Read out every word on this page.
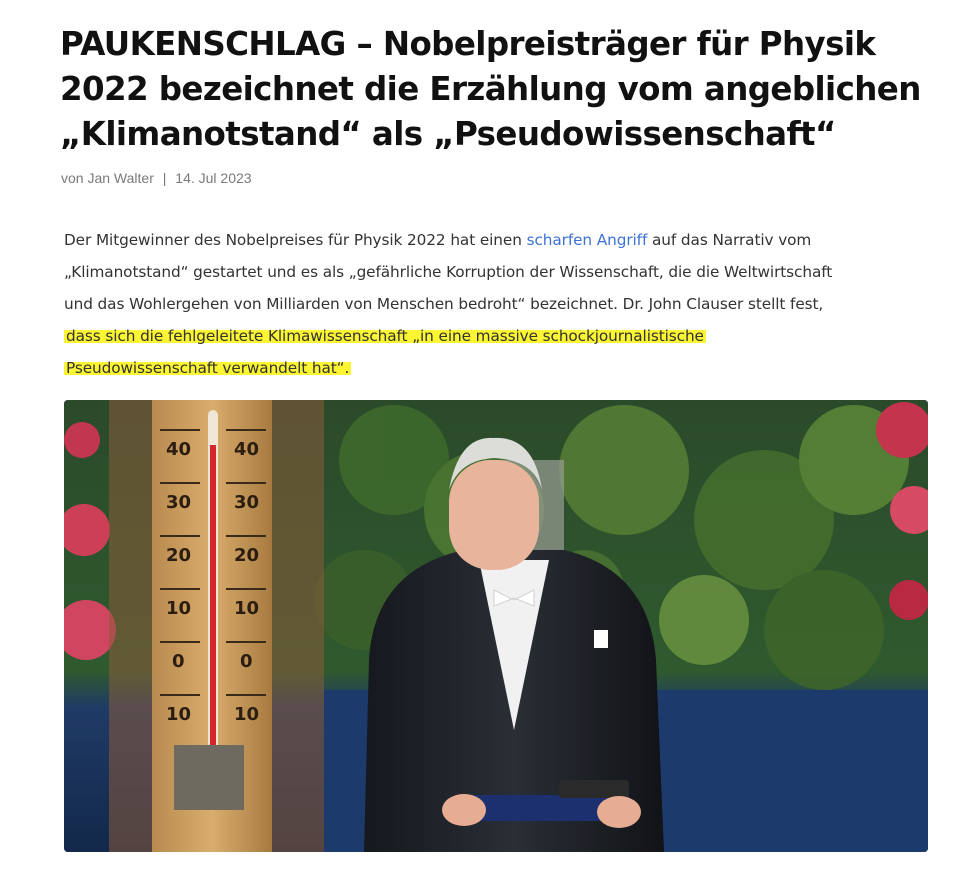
PAUKENSCHLAG – Nobelpreisträger für Physik
2022 bezeichnet die Erzählung vom angeblichen
„Klimanotstand“ als „Pseudowissenschaft“
von Jan Walter | 14. Jul 2023

Der Mitgewinner des Nobelpreises für Physik 2022 hat einen scharfen Angriff auf das Narrativ vom
„Klimanotstand“ gestartet und es als „gefährliche Korruption der Wissenschaft, die die Weltwirtschaft
und das Wohlergehen von Milliarden von Menschen bedroht“ bezeichnet. Dr. John Clauser stellt fest,
dass sich die fehlgeleitete Klimawissenschaft „in eine massive schockjournalistische
Pseudowissenschaft verwandelt hat“.

40 40
30 30
20 20
10 10
0	0
10 10
